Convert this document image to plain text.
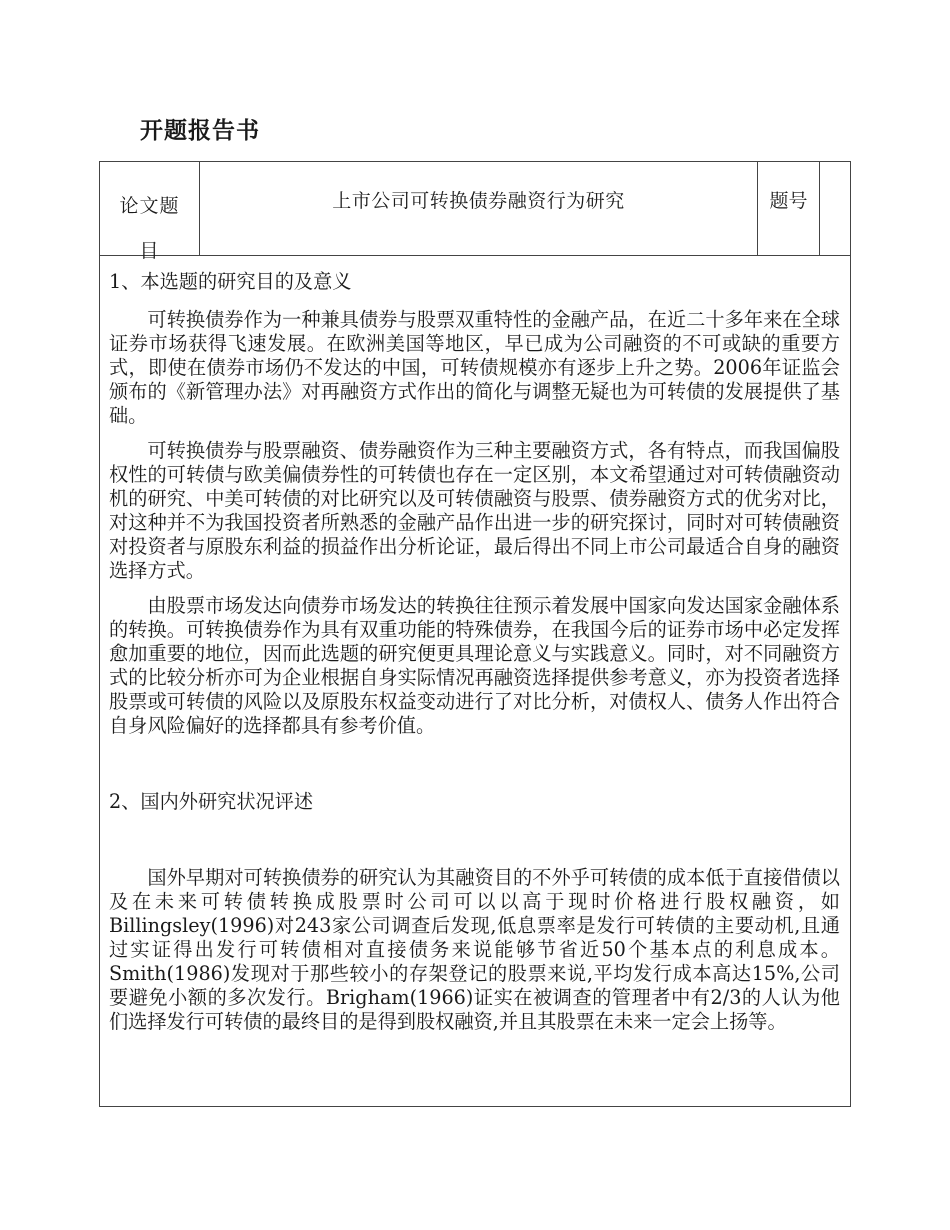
开题报告书
论文题目
上市公司可转换债券融资行为研究	题号
1、本选题的研究目的及意义

可转换债券作为一种兼具债券与股票双重特性的金融产品，在近二十多年来在全球证券市场获得飞速发展。在欧洲美国等地区，早已成为公司融资的不可或缺的重要方式，即使在债券市场仍不发达的中国，可转债规模亦有逐步上升之势。2006年证监会颁布的《新管理办法》对再融资方式作出的简化与调整无疑也为可转债的发展提供了基础。

可转换债券与股票融资、债券融资作为三种主要融资方式，各有特点，而我国偏股权性的可转债与欧美偏债券性的可转债也存在一定区别，本文希望通过对可转债融资动机的研究、中美可转债的对比研究以及可转债融资与股票、债券融资方式的优劣对比，对这种并不为我国投资者所熟悉的金融产品作出进一步的研究探讨，同时对可转债融资对投资者与原股东利益的损益作出分析论证，最后得出不同上市公司最适合自身的融资选择方式。

由股票市场发达向债券市场发达的转换往往预示着发展中国家向发达国家金融体系的转换。可转换债券作为具有双重功能的特殊债券，在我国今后的证券市场中必定发挥愈加重要的地位，因而此选题的研究便更具理论意义与实践意义。同时，对不同融资方式的比较分析亦可为企业根据自身实际情况再融资选择提供参考意义，亦为投资者选择股票或可转债的风险以及原股东权益变动进行了对比分析，对债权人、债务人作出符合自身风险偏好的选择都具有参考价值。

2、国内外研究状况评述

国外早期对可转换债券的研究认为其融资目的不外乎可转债的成本低于直接借债以及在未来可转债转换成股票时公司可以以高于现时价格进行股权融资，如Billingsley(1996)对243家公司调查后发现,低息票率是发行可转债的主要动机,且通过实证得出发行可转债相对直接债务来说能够节省近50个基本点的利息成本。Smith(1986)发现对于那些较小的存架登记的股票来说,平均发行成本高达15%,公司要避免小额的多次发行。Brigham(1966)证实在被调查的管理者中有2/3的人认为他们选择发行可转债的最终目的是得到股权融资,并且其股票在未来一定会上扬等。
